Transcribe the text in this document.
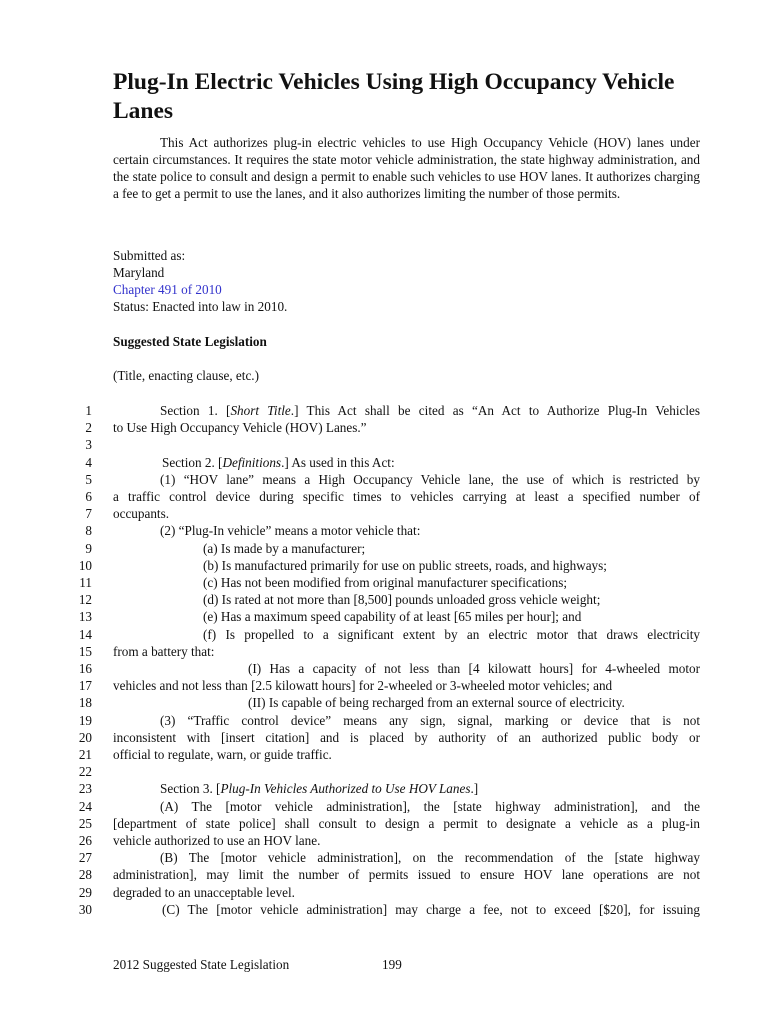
Plug-In Electric Vehicles Using High Occupancy Vehicle Lanes

This Act authorizes plug-in electric vehicles to use High Occupancy Vehicle (HOV) lanes under certain circumstances. It requires the state motor vehicle administration, the state highway administration, and the state police to consult and design a permit to enable such vehicles to use HOV lanes. It authorizes charging a fee to get a permit to use the lanes, and it also authorizes limiting the number of those permits.

Submitted as:
Maryland
Chapter 491 of 2010
Status: Enacted into law in 2010.
Suggested State Legislation
(Title, enacting clause, etc.)
1	Section 1. [Short Title.] This Act shall be cited as “An Act to Authorize Plug-In Vehicles
2 to Use High Occupancy Vehicle (HOV) Lanes.”
3
4	Section 2. [Definitions.] As used in this Act:
5	(1) “HOV lane” means a High Occupancy Vehicle lane, the use of which is restricted by
6 a traffic control device during specific times to vehicles carrying at least a specified number of
7 occupants.
8	(2) “Plug-In vehicle” means a motor vehicle that:
9	(a) Is made by a manufacturer;
10	(b) Is manufactured primarily for use on public streets, roads, and highways;
11	(c) Has not been modified from original manufacturer specifications;
12	(d) Is rated at not more than [8,500] pounds unloaded gross vehicle weight;
13	(e) Has a maximum speed capability of at least [65 miles per hour]; and
14	(f) Is propelled to a significant extent by an electric motor that draws electricity
15 from a battery that:
16	(I) Has a capacity of not less than [4 kilowatt hours] for 4-wheeled motor
17 vehicles and not less than [2.5 kilowatt hours] for 2-wheeled or 3-wheeled motor vehicles; and
18	(II) Is capable of being recharged from an external source of electricity.
19	(3) “Traffic control device” means any sign, signal, marking or device that is not
20 inconsistent with [insert citation] and is placed by authority of an authorized public body or
21 official to regulate, warn, or guide traffic.
22
23	Section 3. [Plug-In Vehicles Authorized to Use HOV Lanes.]
24	(A) The [motor vehicle administration], the [state highway administration], and the
25 [department of state police] shall consult to design a permit to designate a vehicle as a plug-in
26 vehicle authorized to use an HOV lane.
27	(B) The [motor vehicle administration], on the recommendation of the [state highway
28 administration], may limit the number of permits issued to ensure HOV lane operations are not
29 degraded to an unacceptable level.
30	(C) The [motor vehicle administration] may charge a fee, not to exceed [$20], for issuing
2012 Suggested State Legislation	199
